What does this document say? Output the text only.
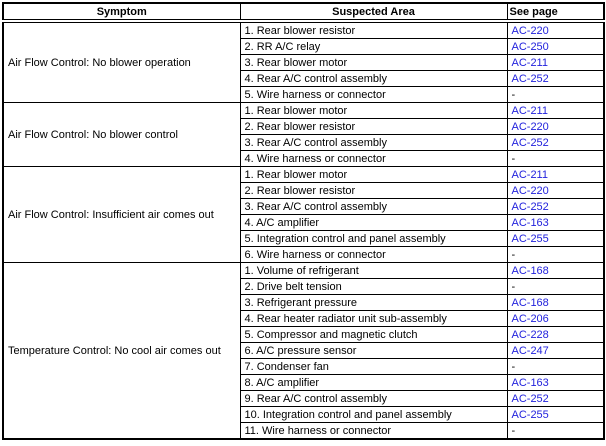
Symptom	Suspected Area	See page
Air Flow Control: No blower operation	1. Rear blower resistor	AC-220
	2. RR A/C relay	AC-250
	3. Rear blower motor	AC-211
	4. Rear A/C control assembly	AC-252
	5. Wire harness or connector	-
Air Flow Control: No blower control	1. Rear blower motor	AC-211
	2. Rear blower resistor	AC-220
	3. Rear A/C control assembly	AC-252
	4. Wire harness or connector	-
Air Flow Control: Insufficient air comes out	1. Rear blower motor	AC-211
	2. Rear blower resistor	AC-220
	3. Rear A/C control assembly	AC-252
	4. A/C amplifier	AC-163
	5. Integration control and panel assembly	AC-255
	6. Wire harness or connector	-
Temperature Control: No cool air comes out	1. Volume of refrigerant	AC-168
	2. Drive belt tension	-
	3. Refrigerant pressure	AC-168
	4. Rear heater radiator unit sub-assembly	AC-206
	5. Compressor and magnetic clutch	AC-228
	6. A/C pressure sensor	AC-247
	7. Condenser fan	-
	8. A/C amplifier	AC-163
	9. Rear A/C control assembly	AC-252
	10. Integration control and panel assembly	AC-255
	11. Wire harness or connector	-
